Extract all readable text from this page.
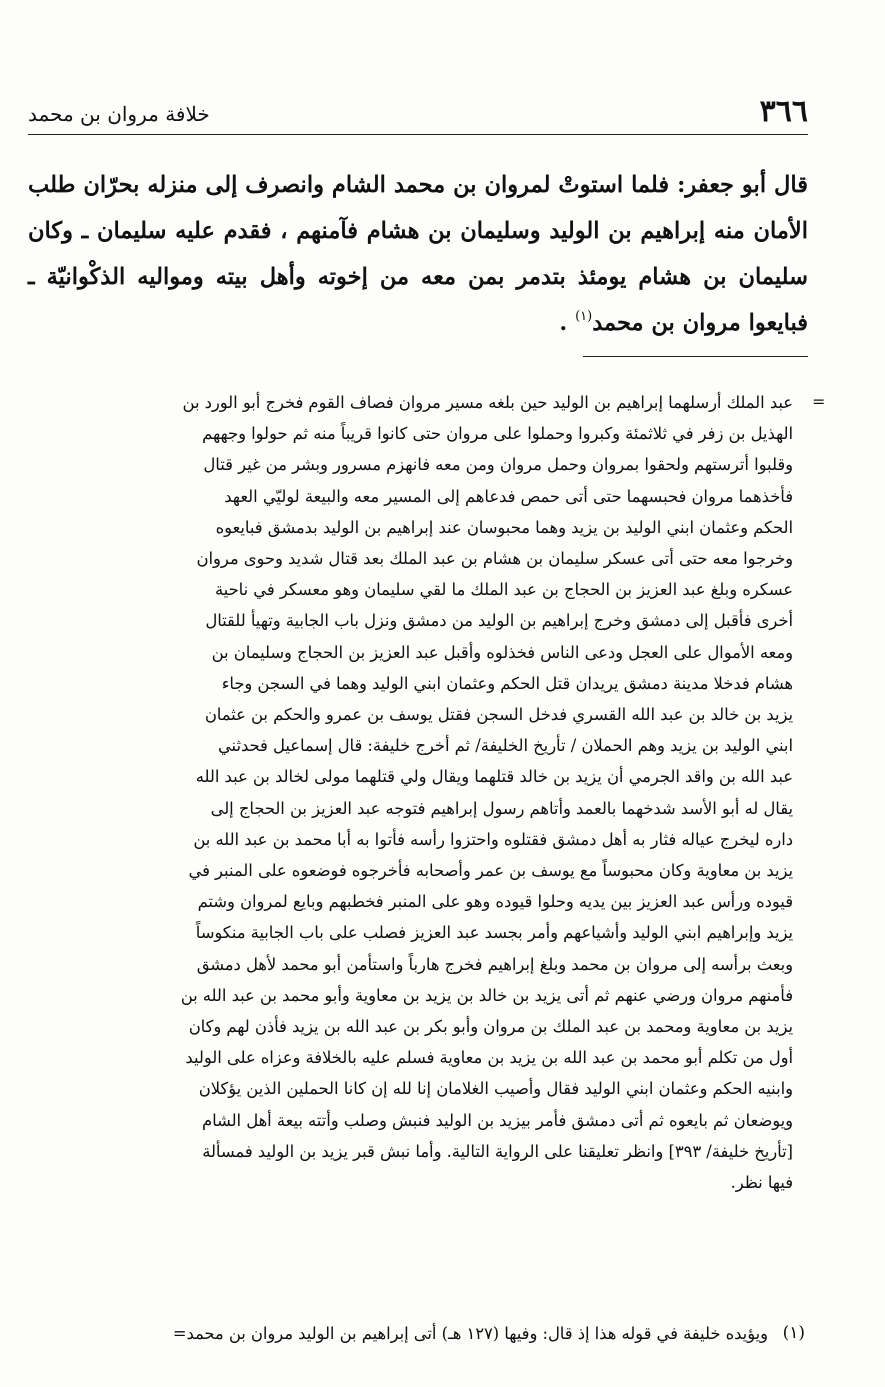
٣٦٦
خلافة مروان بن محمد
قال أبو جعفر: فلما استوتْ لمروان بن محمد الشام وانصرف إلى منزله بحرّان طلب الأمان منه إبراهيم بن الوليد وسليمان بن هشام فآمنهم ، فقدم عليه سليمان ـ وكان سليمان بن هشام يومئذ بتدمر بمن معه من إخوته وأهل بيته ومواليه الذكْوانيّة ـ فبايعوا مروان بن محمد$^{(١)}$ .
=

عبد الملك أرسلهما إبراهيم بن الوليد حين بلغه مسير مروان فصاف القوم فخرج أبو الورد بن

الهذيل بن زفر في ثلاثمئة وكبروا وحملوا على مروان حتى كانوا قريباً منه ثم حولوا وجههم

وقلبوا أترستهم ولحقوا بمروان وحمل مروان ومن معه فانهزم مسرور وبشر من غير قتال

فأخذهما مروان فحبسهما حتى أتى حمص فدعاهم إلى المسير معه والبيعة لوليّي العهد

الحكم وعثمان ابني الوليد بن يزيد وهما محبوسان عند إبراهيم بن الوليد بدمشق فبايعوه

وخرجوا معه حتى أتى عسكر سليمان بن هشام بن عبد الملك بعد قتال شديد وحوى مروان

عسكره وبلغ عبد العزيز بن الحجاج بن عبد الملك ما لقي سليمان وهو معسكر في ناحية

أخرى فأقبل إلى دمشق وخرج إبراهيم بن الوليد من دمشق ونزل باب الجابية وتهيأ للقتال

ومعه الأموال على العجل ودعى الناس فخذلوه وأقبل عبد العزيز بن الحجاج وسليمان بن

هشام فدخلا مدينة دمشق يريدان قتل الحكم وعثمان ابني الوليد وهما في السجن وجاء

يزيد بن خالد بن عبد الله القسري فدخل السجن فقتل يوسف بن عمرو والحكم بن عثمان

ابني الوليد بن يزيد وهم الحملان / تأريخ الخليفة/ ثم أخرج خليفة: قال إسماعيل فحدثني

عبد الله بن واقد الجرمي أن يزيد بن خالد قتلهما ويقال ولي قتلهما مولى لخالد بن عبد الله

يقال له أبو الأسد شدخهما بالعمد وأتاهم رسول إبراهيم فتوجه عبد العزيز بن الحجاج إلى

داره ليخرج عياله فثار به أهل دمشق فقتلوه واحتزوا رأسه فأتوا به أبا محمد بن عبد الله بن

يزيد بن معاوية وكان محبوساً مع يوسف بن عمر وأصحابه فأخرجوه فوضعوه على المنبر في

قيوده ورأس عبد العزيز بين يديه وحلوا قيوده وهو على المنبر فخطبهم وبايع لمروان وشتم

يزيد وإبراهيم ابني الوليد وأشياعهم وأمر بجسد عبد العزيز فصلب على باب الجابية منكوساً

وبعث برأسه إلى مروان بن محمد وبلغ إبراهيم فخرج هارباً واستأمن أبو محمد لأهل دمشق

فأمنهم مروان ورضي عنهم ثم أتى يزيد بن خالد بن يزيد بن معاوية وأبو محمد بن عبد الله بن

يزيد بن معاوية ومحمد بن عبد الملك بن مروان وأبو بكر بن عبد الله بن يزيد فأذن لهم وكان

أول من تكلم أبو محمد بن عبد الله بن يزيد بن معاوية فسلم عليه بالخلافة وعزاه على الوليد

وابنيه الحكم وعثمان ابني الوليد فقال وأصيب الغلامان إنا لله إن كانا الحملين الذين يؤكلان

ويوضعان ثم بايعوه ثم أتى دمشق فأمر بيزيد بن الوليد فنبش وصلب وأتته بيعة أهل الشام

[تأريخ خليفة/ ٣٩٣] وانظر تعليقنا على الرواية التالية. وأما نبش قبر يزيد بن الوليد فمسألة

فيها نظر.

(١)
ويؤيده خليفة في قوله هذا إذ قال: وفيها (١٢٧ هـ) أتى إبراهيم بن الوليد مروان بن محمد=
